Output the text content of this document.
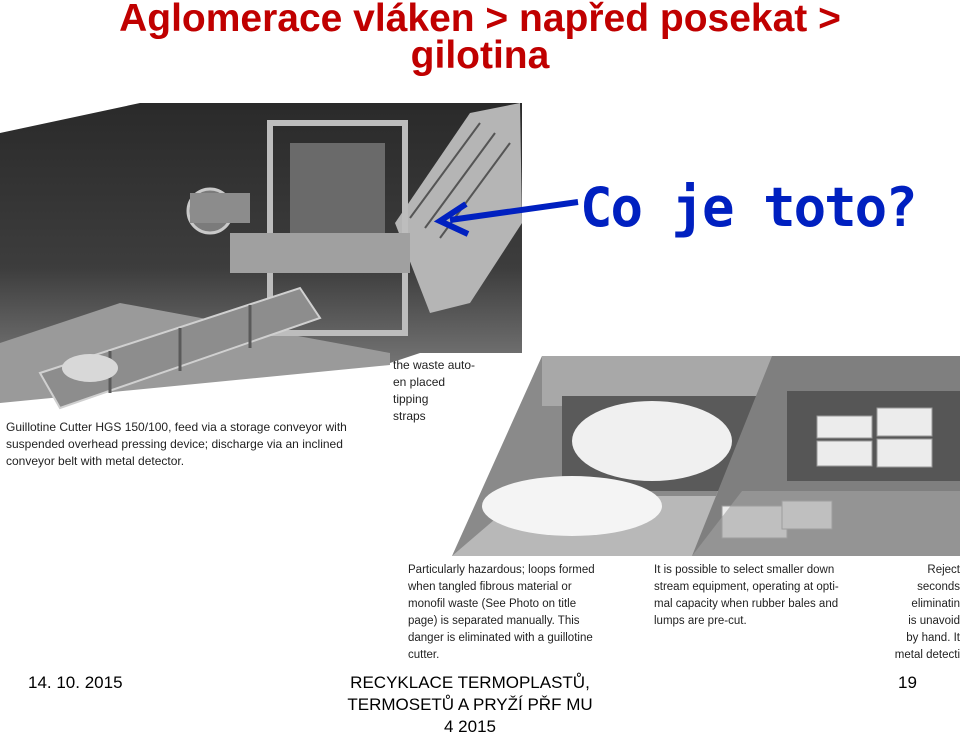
Aglomerace vláken > napřed posekat >
gilotina
Guillotine Cutter HGS 150/100, feed via a storage conveyor with
suspended overhead pressing device; discharge via an inclined
conveyor belt with metal detector.
the waste auto-
en placed
tipping
straps
Particularly hazardous; loops formed
when tangled fibrous material or
monofil waste (See Photo on title
page) is separated manually. This
danger is eliminated with a guillotine
cutter.
It is possible to select smaller down
stream equipment, operating at opti-
mal capacity when rubber bales and
lumps are pre-cut.
Reject
seconds
eliminatin
is unavoid
by hand. It
metal detecti
Co je toto?
14. 10. 2015	RECYKLACE TERMOPLASTŮ,
TERMOSETŮ A PRYŽÍ PŘF MU
4 2015
19
